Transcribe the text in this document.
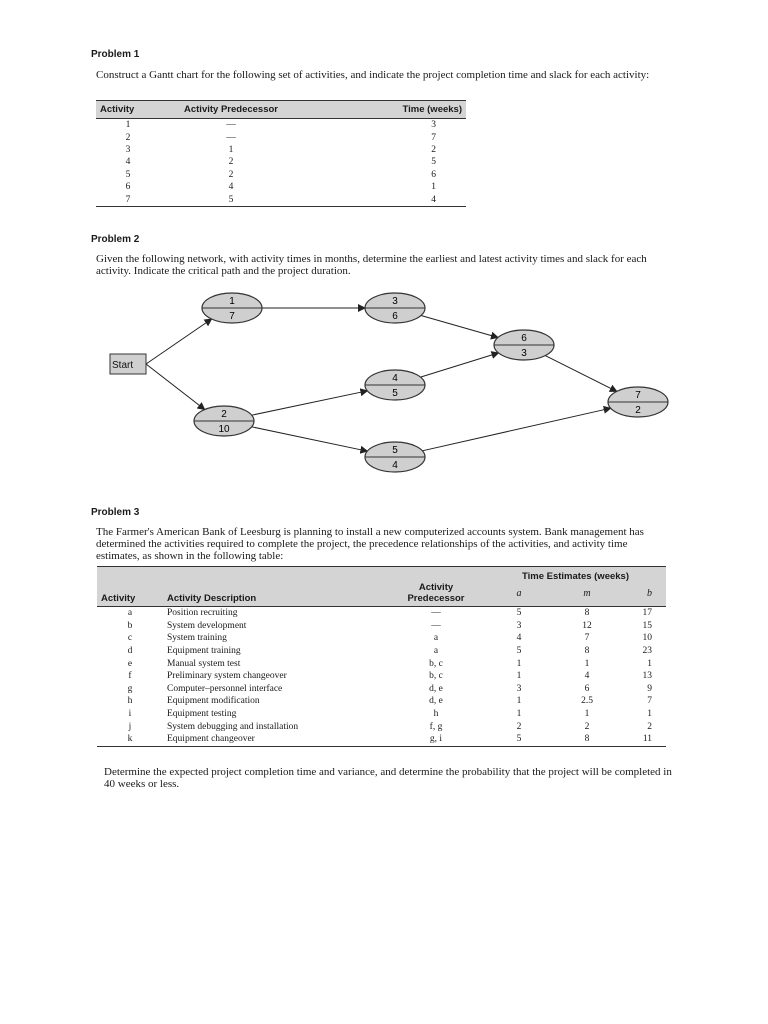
Problem 1

Construct a Gantt chart for the following set of activities, and indicate the project completion time and slack for each activity:

Activity	Activity Predecessor	Time (weeks)
1	—	3
2	—	7
3	1	2
4	2	5
5	2	6
6	4	1
7	5	4
Problem 2

Given the following network, with activity times in months, determine the earliest and latest activity times and slack for each activity. Indicate the critical path and the project duration.

Start
1
7
2
10
3
6
4
5
5
4
6
3
7
2
Problem 3

The Farmer's American Bank of Leesburg is planning to install a new computerized accounts system. Bank management has determined the activities required to complete the project, the precedence relationships of the activities, and activity time estimates, as shown in the following table:

			Time Estimates (weeks)		
Activity	Activity Description	Activity Predecessor	a	m	b
a	Position recruiting	—	5	8	17
b	System development	—	3	12	15
c	System training	a	4	7	10
d	Equipment training	a	5	8	23
e	Manual system test	b, c	1	1	1
f	Preliminary system changeover	b, c	1	4	13
g	Computer–personnel interface	d, e	3	6	9
h	Equipment modification	d, e	1	2.5	7
i	Equipment testing	h	1	1	1
j	System debugging and installation	f, g	2	2	2
k	Equipment changeover	g, i	5	8	11

Determine the expected project completion time and variance, and determine the probability that the project will be completed in 40 weeks or less.
